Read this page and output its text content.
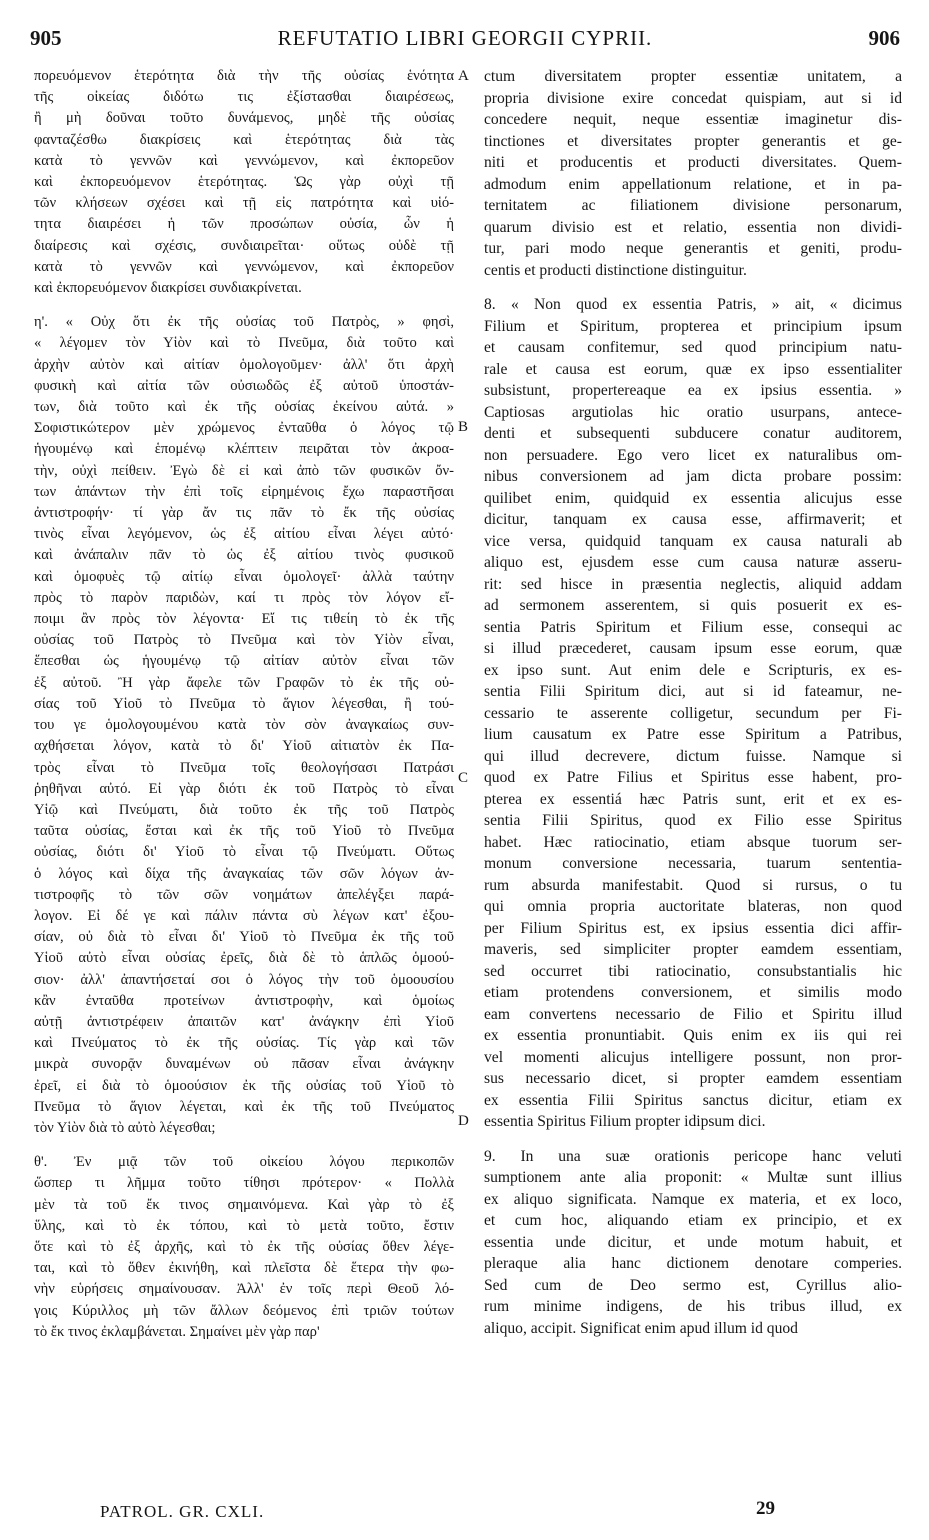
905	REFUTATIO LIBRI GEORGII CYPRII.	906
πορευόμενον ἑτερότητα διὰ τὴν τῆς οὐσίας ἑνότητα
τῆς οἰκείας διδότω τις ἐξίστασθαι διαιρέσεως,
ἢ μὴ δοῦναι τοῦτο δυνάμενος, μηδὲ τῆς οὐσίας
φανταζέσθω διακρίσεις καὶ ἑτερότητας διὰ τὰς
κατὰ τὸ γεννῶν καὶ γεννώμενον, καὶ ἐκπορεῦον
καὶ ἐκπορευόμενον ἑτερότητας. Ὡς γὰρ οὐχὶ τῇ
τῶν κλήσεων σχέσει καὶ τῇ εἰς πατρότητα καὶ υἱό-
τητα διαιρέσει ἡ τῶν προσώπων οὐσία, ὧν ἡ
διαίρεσις καὶ σχέσις, συνδιαιρεῖται· οὕτως οὐδὲ τῇ
κατὰ τὸ γεννῶν καὶ γεννώμενον, καὶ ἐκπορεῦον
καὶ ἐκπορευόμενον διακρίσει συνδιακρίνεται.
η'. « Οὐχ ὅτι ἐκ τῆς οὐσίας τοῦ Πατρὸς, » φησὶ,
« λέγομεν τὸν Υἱὸν καὶ τὸ Πνεῦμα, διὰ τοῦτο καὶ
ἀρχὴν αὐτὸν καὶ αἰτίαν ὁμολογοῦμεν· ἀλλ' ὅτι ἀρχὴ
φυσικὴ καὶ αἰτία τῶν οὐσιωδῶς ἐξ αὐτοῦ ὑποστάν-
των, διὰ τοῦτο καὶ ἐκ τῆς οὐσίας ἐκείνου αὐτά. »
Σοφιστικώτερον μὲν χρώμενος ἐνταῦθα ὁ λόγος τῷ
ἡγουμένῳ καὶ ἑπομένῳ κλέπτειν πειρᾶται τὸν ἀκροα-
τὴν, οὐχὶ πείθειν. Ἐγὼ δὲ εἰ καὶ ἀπὸ τῶν φυσικῶν ὄν-
των ἁπάντων τὴν ἐπὶ τοῖς εἰρημένοις ἔχω παραστῆσαι
ἀντιστροφήν· τί γὰρ ἄν τις πᾶν τὸ ἔκ τῆς οὐσίας
τινὸς εἶναι λεγόμενον, ὡς ἐξ αἰτίου εἶναι λέγει αὐτό·
καὶ ἀνάπαλιν πᾶν τὸ ὡς ἐξ αἰτίου τινὸς φυσικοῦ
καὶ ὁμοφυὲς τῷ αἰτίῳ εἶναι ὁμολογεῖ· ἀλλὰ ταύτην
πρὸς τὸ παρὸν παριδὼν, καί τι πρὸς τὸν λόγον εἴ-
ποιμι ἂν πρὸς τὸν λέγοντα· Εἴ τις τιθείη τὸ ἐκ τῆς
οὐσίας τοῦ Πατρὸς τὸ Πνεῦμα καὶ τὸν Υἱὸν εἶναι,
ἕπεσθαι ὡς ἡγουμένῳ τῷ αἰτίαν αὐτὸν εἶναι τῶν
ἐξ αὐτοῦ. Ἢ γὰρ ἄφελε τῶν Γραφῶν τὸ ἐκ τῆς οὐ-
σίας τοῦ Υἱοῦ τὸ Πνεῦμα τὸ ἅγιον λέγεσθαι, ἢ τού-
του γε ὁμολογουμένου κατὰ τὸν σὸν ἀναγκαίως συν-
αχθήσεται λόγον, κατὰ τὸ δι' Υἱοῦ αἰτιατὸν ἐκ Πα-
τρὸς εἶναι τὸ Πνεῦμα τοῖς θεολογήσασι Πατράσι
ῥηθῆναι αὐτό. Εἰ γὰρ διότι ἐκ τοῦ Πατρὸς τὸ εἶναι
Υἱῷ καὶ Πνεύματι, διὰ τοῦτο ἐκ τῆς τοῦ Πατρὸς
ταῦτα οὐσίας, ἔσται καὶ ἐκ τῆς τοῦ Υἱοῦ τὸ Πνεῦμα
οὐσίας, διότι δι' Υἱοῦ τὸ εἶναι τῷ Πνεύματι. Οὕτως
ὁ λόγος καὶ δίχα τῆς ἀναγκαίας τῶν σῶν λόγων ἀν-
τιστροφῆς τὸ τῶν σῶν νοημάτων ἀπελέγξει παρά-
λογον. Εἰ δέ γε καὶ πάλιν πάντα σὺ λέγων κατ' ἐξου-
σίαν, οὐ διὰ τὸ εἶναι δι' Υἱοῦ τὸ Πνεῦμα ἐκ τῆς τοῦ
Υἱοῦ αὐτὸ εἶναι οὐσίας ἐρεῖς, διὰ δὲ τὸ ἁπλῶς ὁμοού-
σιον· ἀλλ' ἀπαντήσεταί σοι ὁ λόγος τὴν τοῦ ὁμοουσίου
κἂν ἐνταῦθα προτείνων ἀντιστροφὴν, καὶ ὁμοίως
αὐτῇ ἀντιστρέφειν ἀπαιτῶν κατ' ἀνάγκην ἐπὶ Υἱοῦ
καὶ Πνεύματος τὸ ἐκ τῆς οὐσίας. Τίς γὰρ καὶ τῶν
μικρὰ συνορᾷν δυναμένων οὐ πᾶσαν εἶναι ἀνάγκην
ἐρεῖ, εἰ διὰ τὸ ὁμοούσιον ἐκ τῆς οὐσίας τοῦ Υἱοῦ τὸ
Πνεῦμα τὸ ἅγιον λέγεται, καὶ ἐκ τῆς τοῦ Πνεύματος
τὸν Υἱὸν διὰ τὸ αὐτὸ λέγεσθαι;
θ'. Ἐν μιᾷ τῶν τοῦ οἰκείου λόγου περικοπῶν
ὥσπερ τι λῆμμα τοῦτο τίθησι πρότερον· « Πολλὰ
μὲν τὰ τοῦ ἔκ τινος σημαινόμενα. Καὶ γὰρ τὸ ἐξ
ὕλης, καὶ τὸ ἐκ τόπου, καὶ τὸ μετὰ τοῦτο, ἔστιν
ὅτε καὶ τὸ ἐξ ἀρχῆς, καὶ τὸ ἐκ τῆς οὐσίας ὅθεν λέγε-
ται, καὶ τὸ ὅθεν ἐκινήθη, καὶ πλεῖστα δὲ ἕτερα τὴν φω-
νὴν εὑρήσεις σημαίνουσαν. Ἀλλ' ἐν τοῖς περὶ Θεοῦ λό-
γοις Κύριλλος μὴ τῶν ἄλλων δεόμενος ἐπὶ τριῶν τούτων
τὸ ἔκ τινος ἐκλαμβάνεται. Σημαίνει μὲν γὰρ παρ'
ctum diversitatem propter essentiæ unitatem, a
propria divisione exire concedat quispiam, aut si id
concedere nequit, neque essentiæ imaginetur dis-
tinctiones et diversitates propter generantis et ge-
niti et producentis et producti diversitates. Quem-
admodum enim appellationum relatione, et in pa-
ternitatem ac filiationem divisione personarum,
quarum divisio est et relatio, essentia non dividi-
tur, pari modo neque generantis et geniti, produ-
centis et producti distinctione distinguitur.
8. « Non quod ex essentia Patris, » ait, « dicimus
Filium et Spiritum, propterea et principium ipsum
et causam confitemur, sed quod principium natu-
rale et causa est eorum, quæ ex ipso essentialiter
subsistunt, propertereaque ea ex ipsius essentia. »
Captiosas argutiolas hic oratio usurpans, antece-
denti et subsequenti subducere conatur auditorem,
non persuadere. Ego vero licet ex naturalibus om-
nibus conversionem ad jam dicta probare possim:
quilibet enim, quidquid ex essentia alicujus esse
dicitur, tanquam ex causa esse, affirmaverit; et
vice versa, quidquid tanquam ex causa naturali ab
aliquo est, ejusdem esse cum causa naturæ asseru-
rit: sed hisce in præsentia neglectis, aliquid addam
ad sermonem asserentem, si quis posuerit ex es-
sentia Patris Spiritum et Filium esse, consequi ac
si illud præcederet, causam ipsum esse eorum, quæ
ex ipso sunt. Aut enim dele e Scripturis, ex es-
sentia Filii Spiritum dici, aut si id fateamur, ne-
cessario te asserente colligetur, secundum per Fi-
lium causatum ex Patre esse Spiritum a Patribus,
qui illud decrevere, dictum fuisse. Namque si
quod ex Patre Filius et Spiritus esse habent, pro-
pterea ex essentiá hæc Patris sunt, erit et ex es-
sentia Filii Spiritus, quod ex Filio esse Spiritus
habet. Hæc ratiocinatio, etiam absque tuorum ser-
monum conversione necessaria, tuarum sententia-
rum absurda manifestabit. Quod si rursus, o tu
qui omnia propria auctoritate blateras, non quod
per Filium Spiritus est, ex ipsius essentia dici affir-
maveris, sed simpliciter propter eamdem essentiam,
sed occurret tibi ratiocinatio, consubstantialis hic
etiam protendens conversionem, et similis modo
eam convertens necessario de Filio et Spiritu illud
ex essentia pronuntiabit. Quis enim ex iis qui rei
vel momenti alicujus intelligere possunt, non pror-
sus necessario dicet, si propter eamdem essentiam
ex essentia Filii Spiritus sanctus dicitur, etiam ex
essentia Spiritus Filium propter idipsum dici.
9. In una suæ orationis pericope hanc veluti
sumptionem ante alia proponit: « Multæ sunt illius
ex aliquo significata. Namque ex materia, et ex loco,
et cum hoc, aliquando etiam ex principio, et ex
essentia unde dicitur, et unde motum habuit, et
pleraque alia hanc dictionem denotare comperies.
Sed cum de Deo sermo est, Cyrillus alio-
rum minime indigens, de his tribus illud, ex
aliquo, accipit. Significat enim apud illum id quod
A
B
C
D
PATROL. GR. CXLI.	29
